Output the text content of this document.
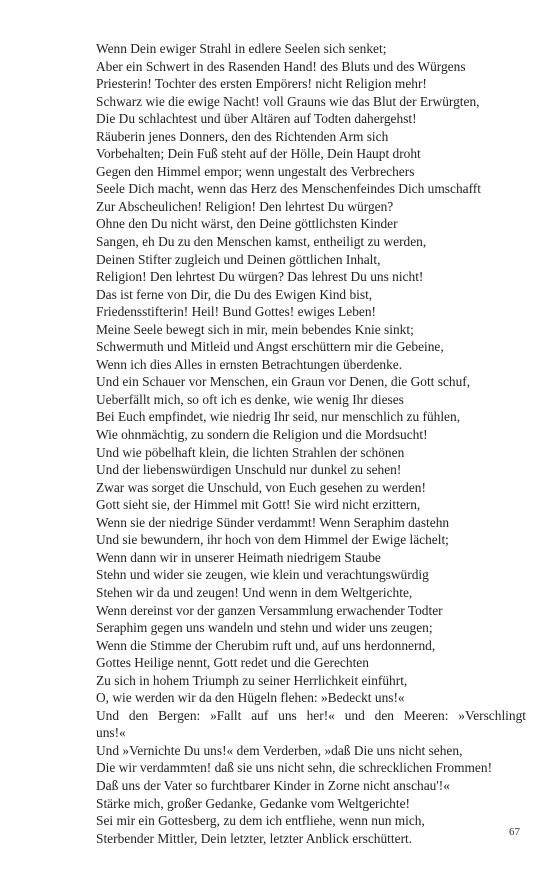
Wenn Dein ewiger Strahl in edlere Seelen sich senket;
Aber ein Schwert in des Rasenden Hand! des Bluts und des Würgens
Priesterin! Tochter des ersten Empörers! nicht Religion mehr!
Schwarz wie die ewige Nacht! voll Grauns wie das Blut der Erwürgten,
Die Du schlachtest und über Altären auf Todten dahergehst!
Räuberin jenes Donners, den des Richtenden Arm sich
Vorbehalten; Dein Fuß steht auf der Hölle, Dein Haupt droht
Gegen den Himmel empor; wenn ungestalt des Verbrechers
Seele Dich macht, wenn das Herz des Menschenfeindes Dich umschafft
Zur Abscheulichen! Religion! Den lehrtest Du würgen?
Ohne den Du nicht wärst, den Deine göttlichsten Kinder
Sangen, eh Du zu den Menschen kamst, entheiligt zu werden,
Deinen Stifter zugleich und Deinen göttlichen Inhalt,
Religion! Den lehrtest Du würgen? Das lehrest Du uns nicht!
Das ist ferne von Dir, die Du des Ewigen Kind bist,
Friedensstifterin! Heil! Bund Gottes! ewiges Leben!
Meine Seele bewegt sich in mir, mein bebendes Knie sinkt;
Schwermuth und Mitleid und Angst erschüttern mir die Gebeine,
Wenn ich dies Alles in ernsten Betrachtungen überdenke.
Und ein Schauer vor Menschen, ein Graun vor Denen, die Gott schuf,
Ueberfällt mich, so oft ich es denke, wie wenig Ihr dieses
Bei Euch empfindet, wie niedrig Ihr seid, nur menschlich zu fühlen,
Wie ohnmächtig, zu sondern die Religion und die Mordsucht!
Und wie pöbelhaft klein, die lichten Strahlen der schönen
Und der liebenswürdigen Unschuld nur dunkel zu sehen!
Zwar was sorget die Unschuld, von Euch gesehen zu werden!
Gott sieht sie, der Himmel mit Gott! Sie wird nicht erzittern,
Wenn sie der niedrige Sünder verdammt! Wenn Seraphim dastehn
Und sie bewundern, ihr hoch von dem Himmel der Ewige lächelt;
Wenn dann wir in unserer Heimath niedrigem Staube
Stehn und wider sie zeugen, wie klein und verachtungswürdig
Stehen wir da und zeugen! Und wenn in dem Weltgerichte,
Wenn dereinst vor der ganzen Versammlung erwachender Todter
Seraphim gegen uns wandeln und stehn und wider uns zeugen;
Wenn die Stimme der Cherubim ruft und, auf uns herdonnernd,
Gottes Heilige nennt, Gott redet und die Gerechten
Zu sich in hohem Triumph zu seiner Herrlichkeit einführt,
O, wie werden wir da den Hügeln flehen: »Bedeckt uns!«
Und den Bergen: »Fallt auf uns her!« und den Meeren: »Verschlingt
uns!«
Und »Vernichte Du uns!« dem Verderben, »daß Die uns nicht sehen,
Die wir verdammten! daß sie uns nicht sehn, die schrecklichen Frommen!
Daß uns der Vater so furchtbarer Kinder in Zorne nicht anschau'!«
Stärke mich, großer Gedanke, Gedanke vom Weltgerichte!
Sei mir ein Gottesberg, zu dem ich entfliehe, wenn nun mich,
Sterbender Mittler, Dein letzter, letzter Anblick erschüttert.	67
